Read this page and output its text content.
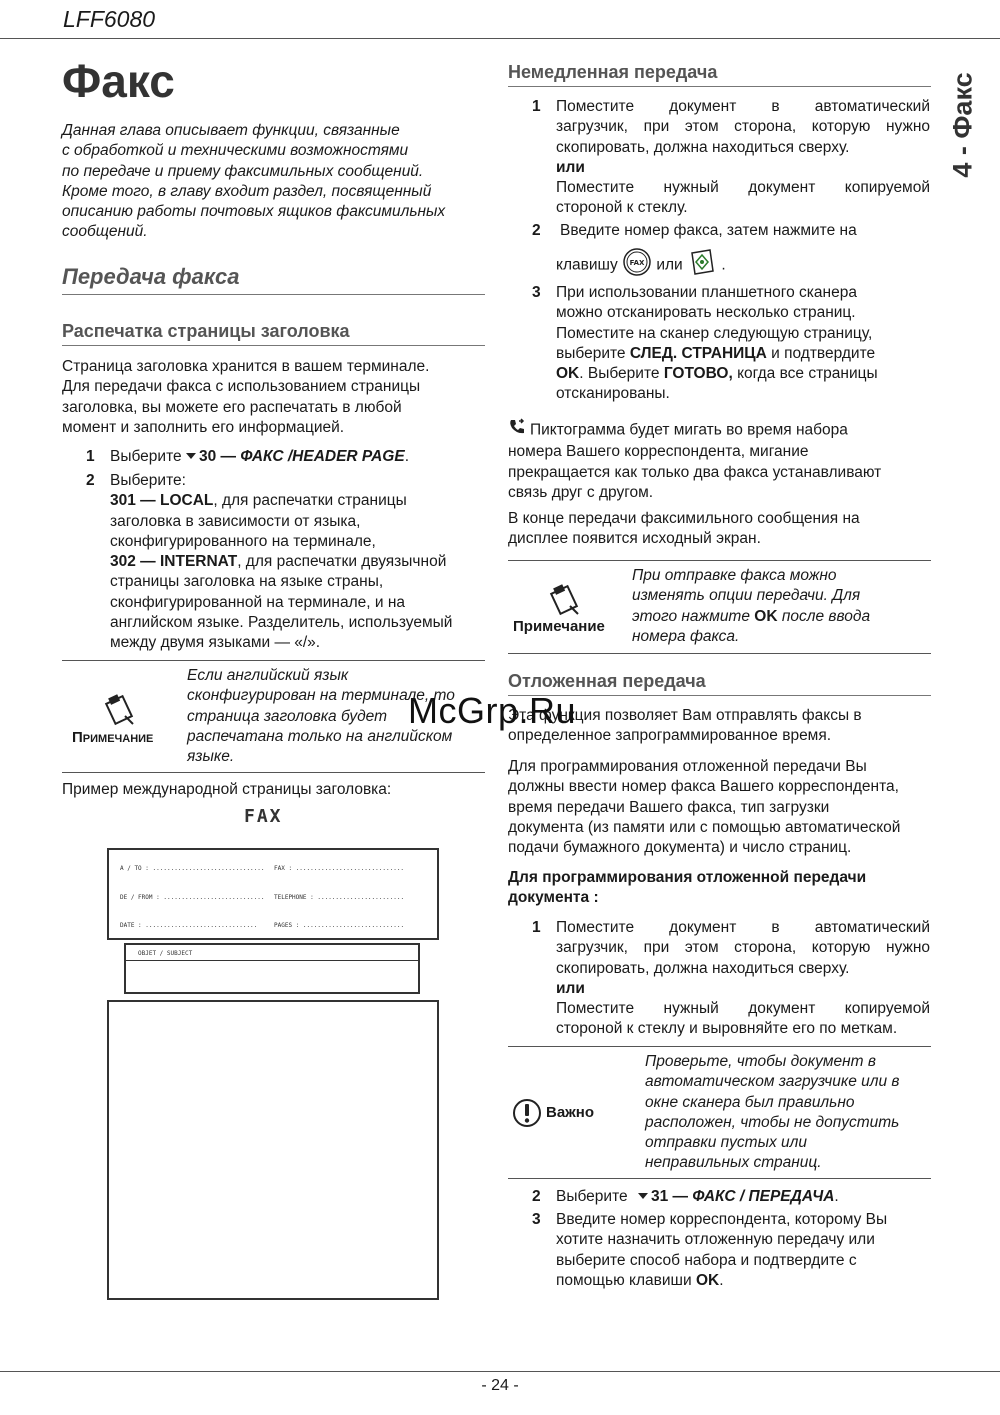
LFF6080
4 - Факс
- 24 -
Факс
Данная глава описывает функции, связанные
с обработкой и техническими возможностями
по передаче и приему факсимильных сообщений.
Кроме того, в главу входит раздел, посвященный
описанию работы почтовых ящиков факсимильных
сообщений.
Передача факса
Распечатка страницы заголовка
Страница заголовка хранится в вашем терминале.
Для передачи факса с использованием страницы
заголовка, вы можете его распечатать в любой
момент и заполнить его информацией.
1 Выберите 30 — ФАКС /HEADER PAGE.
2 Выберите:
301 — LOCAL, для распечатки страницы
заголовка в зависимости от языка,
сконфигурированного на терминале,
302 — INTERNAT, для распечатки двуязычной
страницы заголовка на языке страны,
сконфигурированной на терминале, и на
английском языке. Разделитель, используемый
между двумя языками — «/».
Примечание
Если английский язык
сконфигурирован на терминале, то
страница заголовка будет
распечатана только на английском
языке.
Пример международной страницы заголовка:
FAX
A / TO : ............................... FAX : ..............................
DE / FROM : ............................ TELEPHONE : ........................
DATE : ...............................	PAGES : ............................
OBJET / SUBJECT
Немедленная передача
1 Поместите документ в автоматический
загрузчик, при этом сторона, которую нужно
скопировать, должна находиться сверху.
или
Поместите нужный документ копируемой
стороной к стеклу.
2 Введите номер факса, затем нажмите на
клавишу FAX или .
3 При использовании планшетного сканера
можно отсканировать несколько страниц.
Поместите на сканер следующую страницу,
выберите СЛЕД. СТРАНИЦА и подтвердите
OK. Выберите ГОТОВО, когда все страницы
отсканированы.
Пиктограмма будет мигать во время набора
номера Вашего корреспондента, мигание
прекращается как только два факса устанавливают
связь друг с другом.
В конце передачи факсимильного сообщения на
дисплее появится исходный экран.
Примечание
При отправке факса можно
изменять опции передачи. Для
этого нажмите OK после ввода
номера факса.
Отложенная передача
Эта функция позволяет Вам отправлять факсы в
определенное запрограммированное время.
Для программирования отложенной передачи Вы
должны ввести номер факса Вашего корреспондента,
время передачи Вашего факса, тип загрузки
документа (из памяти или с помощью автоматической
подачи бумажного документа) и число страниц.
Для программирования отложенной передачи
документа :
1 Поместите документ в автоматический
загрузчик, при этом сторона, которую нужно
скопировать, должна находиться сверху.
или
Поместите нужный документ копируемой
стороной к стеклу и выровняйте его по меткам.
Важно
Проверьте, чтобы документ в
автоматическом загрузчике или в
окне сканера был правильно
расположен, чтобы не допустить
отправки пустых или
неправильных страниц.
2 Выберите 31 — ФАКС / ПЕРЕДАЧА.
3 Введите номер корреспондента, которому Вы
хотите назначить отложенную передачу или
выберите способ набора и подтвердите с
помощью клавиши OK.
McGrp.Ru
